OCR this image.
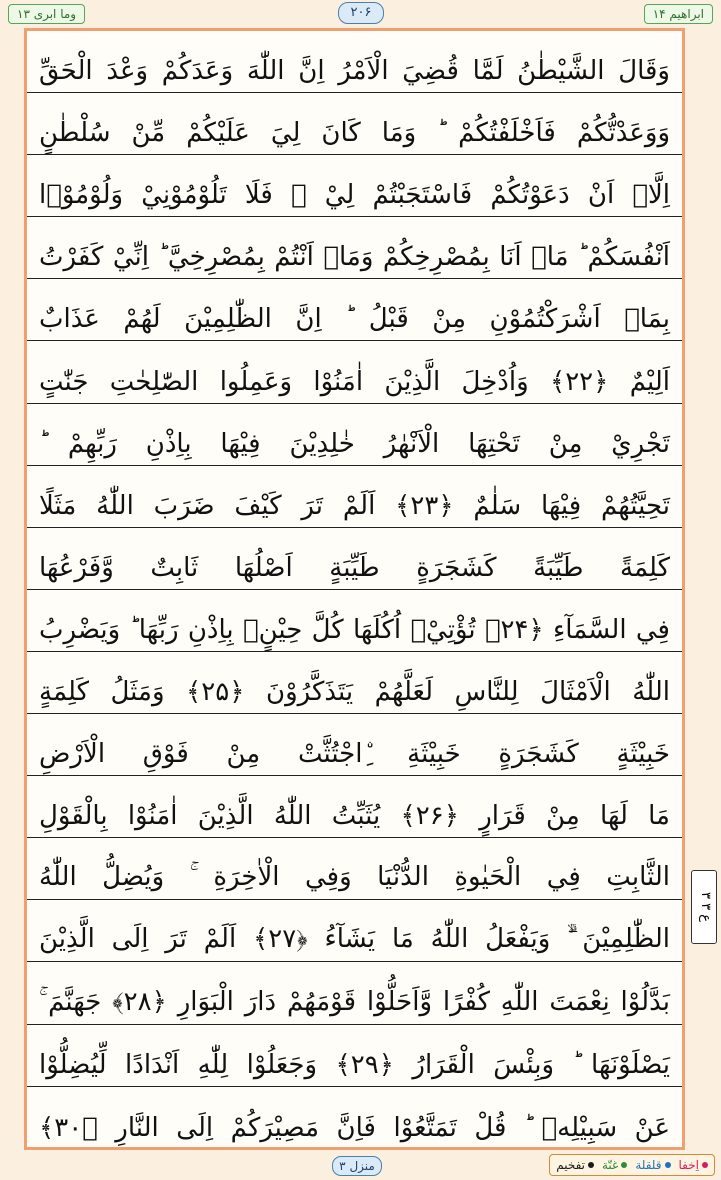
ابراھیم ۱۴
۲۰۶
وما ابری ۱۳
وَقَالَ الشَّيْطٰنُ لَمَّا قُضِيَ الْاَمْرُ اِنَّ اللّٰهَ وَعَدَكُمْ وَعْدَ الْحَقِّ
وَوَعَدْتُّكُمْ فَاَخْلَفْتُكُمْ ؕ وَمَا كَانَ لِيَ عَلَيْكُمْ مِّنْ سُلْطٰنٍ
اِلَّاۤ اَنْ دَعَوْتُكُمْ فَاسْتَجَبْتُمْ لِيْ ۚ فَلَا تَلُوْمُوْنِيْ وَلُوْمُوْۤا
اَنْفُسَكُمْ ؕ مَاۤ اَنَا بِمُصْرِخِكُمْ وَمَاۤ اَنْتُمْ بِمُصْرِخِيَّ ؕ اِنِّيْ كَفَرْتُ
بِمَاۤ اَشْرَكْتُمُوْنِ مِنْ قَبْلُ ؕ اِنَّ الظّٰلِمِيْنَ لَهُمْ عَذَابٌ
اَلِيْمٌ ﴿۲۲﴾ وَاُدْخِلَ الَّذِيْنَ اٰمَنُوْا وَعَمِلُوا الصّٰلِحٰتِ جَنّٰتٍ
تَجْرِيْ مِنْ تَحْتِهَا الْاَنْهٰرُ خٰلِدِيْنَ فِيْهَا بِاِذْنِ رَبِّهِمْ ؕ
تَحِيَّتُهُمْ فِيْهَا سَلٰمٌ ﴿۲۳﴾ اَلَمْ تَرَ كَيْفَ ضَرَبَ اللّٰهُ مَثَلًا
كَلِمَةً طَيِّبَةً كَشَجَرَةٍ طَيِّبَةٍ اَصْلُهَا ثَابِتٌ وَّفَرْعُهَا
فِي السَّمَآءِ ﴿۲۴﴾ تُؤْتِيْۤ اُكُلَهَا كُلَّ حِيْنٍۭ بِاِذْنِ رَبِّهَا ؕ وَيَضْرِبُ
اللّٰهُ الْاَمْثَالَ لِلنَّاسِ لَعَلَّهُمْ يَتَذَكَّرُوْنَ ﴿۲۵﴾ وَمَثَلُ كَلِمَةٍ
خَبِيْثَةٍ كَشَجَرَةٍ خَبِيْثَةِ ِۨاجْتُثَّتْ مِنْ فَوْقِ الْاَرْضِ
مَا لَهَا مِنْ قَرَارٍ ﴿۲۶﴾ يُثَبِّتُ اللّٰهُ الَّذِيْنَ اٰمَنُوْا بِالْقَوْلِ
الثَّابِتِ فِي الْحَيٰوةِ الدُّنْيَا وَفِي الْاٰخِرَةِ ۚ وَيُضِلُّ اللّٰهُ
الظّٰلِمِيْنَ ۙۗ وَيَفْعَلُ اللّٰهُ مَا يَشَآءُ ﴿۲۷﴾ اَلَمْ تَرَ اِلَى الَّذِيْنَ
بَدَّلُوْا نِعْمَتَ اللّٰهِ كُفْرًا وَّاَحَلُّوْا قَوْمَهُمْ دَارَ الْبَوَارِ ﴿۲۸﴾ جَهَنَّمَ ۚ
يَصْلَوْنَهَا ؕ وَبِئْسَ الْقَرَارُ ﴿۲۹﴾ وَجَعَلُوْا لِلّٰهِ اَنْدَادًا لِّيُضِلُّوْا
عَنْ سَبِيْلِهٖ ؕ قُلْ تَمَتَّعُوْا فَاِنَّ مَصِيْرَكُمْ اِلَى النَّارِ ﴿۳۰﴾
۳ ع ۳
منزل ۳	اِخفا
قلقلة
غنّة
تفخیم
